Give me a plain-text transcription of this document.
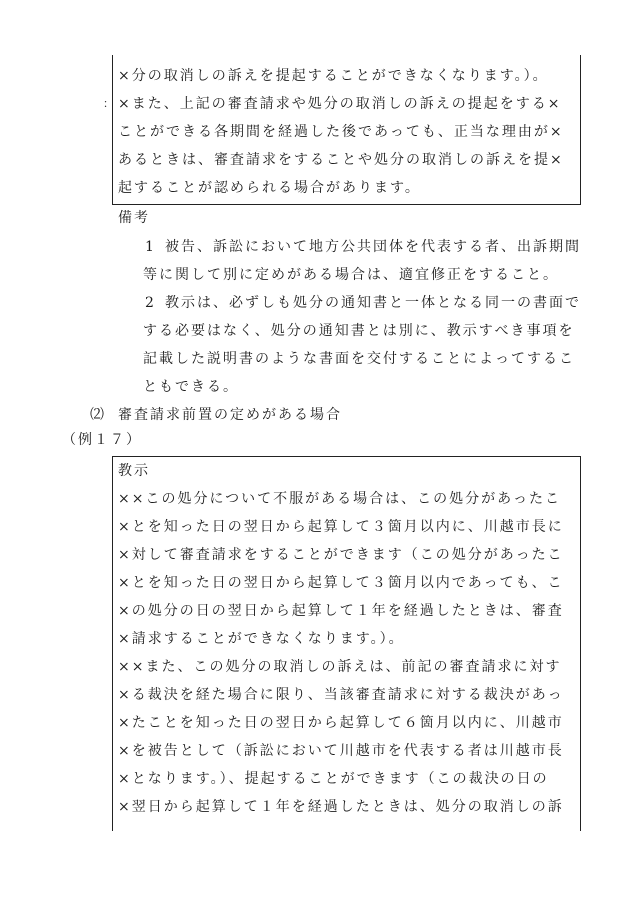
×分の取消しの訴えを提起することができなくなります。）。
： ×また、上記の審査請求や処分の取消しの訴えの提起をする×
ことができる各期間を経過した後であっても、正当な理由が×
あるときは、審査請求をすることや処分の取消しの訴えを提×
起することが認められる場合があります。
備考
1 被告、訴訟において地方公共団体を代表する者、出訴期間
等に関して別に定めがある場合は、適宜修正をすること。
2 教示は、必ずしも処分の通知書と一体となる同一の書面で
する必要はなく、処分の通知書とは別に、教示すべき事項を
記載した説明書のような書面を交付することによってするこ
ともできる。
⑵ 審査請求前置の定めがある場合
（例１７）
教示
××この処分について不服がある場合は、この処分があったこ
×とを知った日の翌日から起算して３箇月以内に、川越市長に
×対して審査請求をすることができます（この処分があったこ
×とを知った日の翌日から起算して３箇月以内であっても、こ
×の処分の日の翌日から起算して１年を経過したときは、審査
×請求することができなくなります。）。
××また、この処分の取消しの訴えは、前記の審査請求に対す
×る裁決を経た場合に限り、当該審査請求に対する裁決があっ
×たことを知った日の翌日から起算して６箇月以内に、川越市
×を被告として（訴訟において川越市を代表する者は川越市長
×となります。）、提起することができます（この裁決の日の
×翌日から起算して１年を経過したときは、処分の取消しの訴
